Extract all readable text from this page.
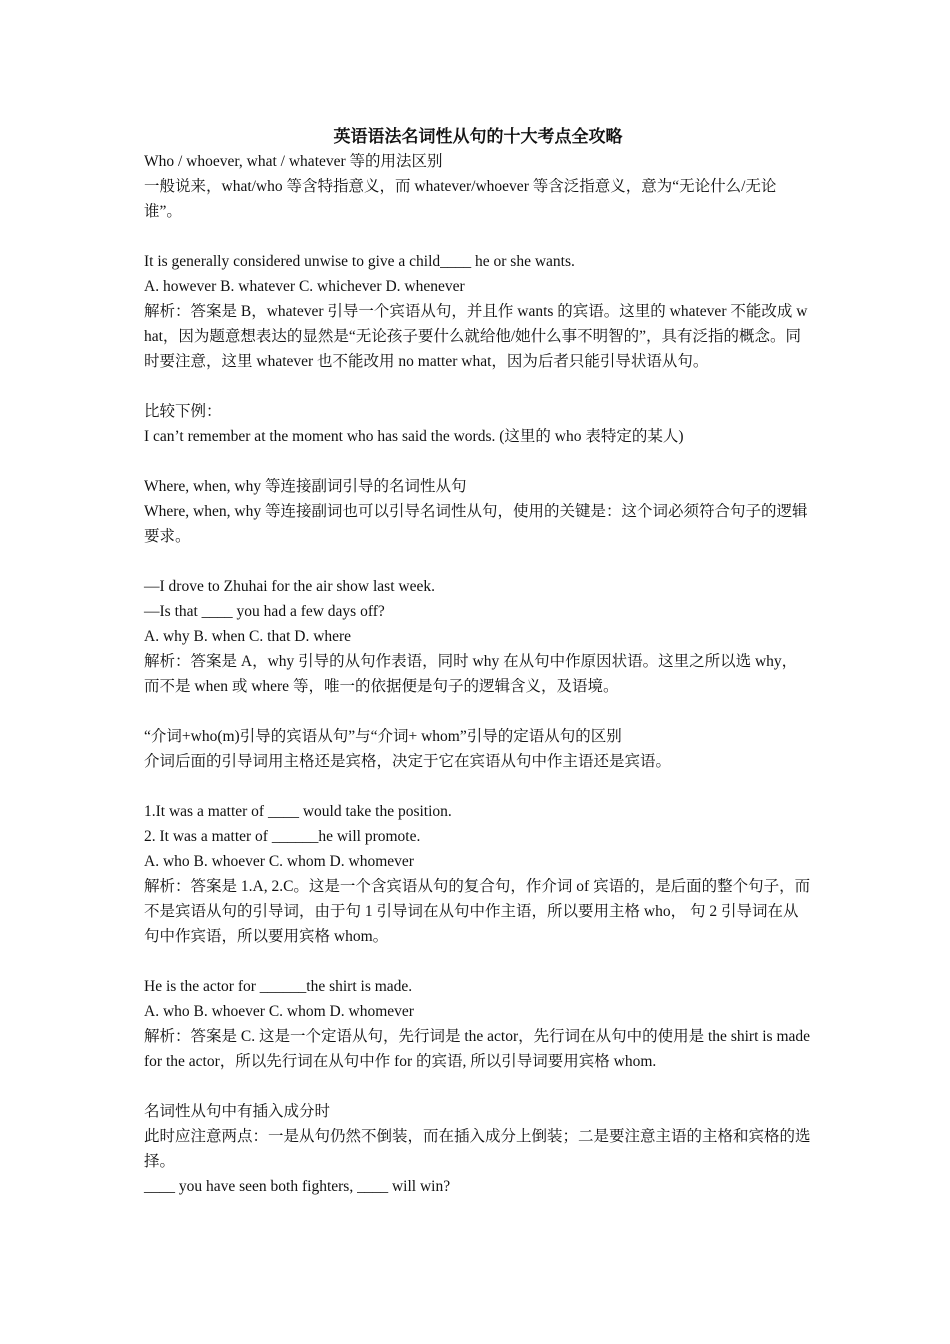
英语语法名词性从句的十大考点全攻略

Who / whoever, what / whatever 等的用法区别

一般说来，what/who 等含特指意义，而 whatever/whoever 等含泛指意义，意为“无论什么/无论谁”。

It is generally considered unwise to give a child____ he or she wants.

A. however B. whatever C. whichever D. whenever

解析：答案是 B，whatever 引导一个宾语从句，并且作 wants 的宾语。这里的 whatever 不能改成 what，因为题意想表达的显然是“无论孩子要什么就给他/她什么事不明智的”，具有泛指的概念。同时要注意，这里 whatever 也不能改用 no matter what，因为后者只能引导状语从句。

比较下例：

I can’t remember at the moment who has said the words. (这里的 who 表特定的某人)

Where, when, why 等连接副词引导的名词性从句

Where, when, why 等连接副词也可以引导名词性从句，使用的关键是：这个词必须符合句子的逻辑要求。

—I drove to Zhuhai for the air show last week.

—Is that ____ you had a few days off?

A. why B. when C. that D. where

解析：答案是 A，why 引导的从句作表语，同时 why 在从句中作原因状语。这里之所以选 why，而不是 when 或 where 等，唯一的依据便是句子的逻辑含义，及语境。

“介词+who(m)引导的宾语从句”与“介词+ whom”引导的定语从句的区别

介词后面的引导词用主格还是宾格，决定于它在宾语从句中作主语还是宾语。

1.It was a matter of ____ would take the position.

2. It was a matter of ______he will promote.

A. who B. whoever C. whom D. whomever

解析：答案是 1.A, 2.C。这是一个含宾语从句的复合句，作介词 of 宾语的，是后面的整个句子，而不是宾语从句的引导词，由于句 1 引导词在从句中作主语，所以要用主格 who， 句 2 引导词在从句中作宾语，所以要用宾格 whom。

He is the actor for ______the shirt is made.

A. who B. whoever C. whom D. whomever

解析：答案是 C. 这是一个定语从句，先行词是 the actor，先行词在从句中的使用是 the shirt is made for the actor，所以先行词在从句中作 for 的宾语, 所以引导词要用宾格 whom.

名词性从句中有插入成分时

此时应注意两点：一是从句仍然不倒装，而在插入成分上倒装；二是要注意主语的主格和宾格的选择。

____ you have seen both fighters, ____ will win?
